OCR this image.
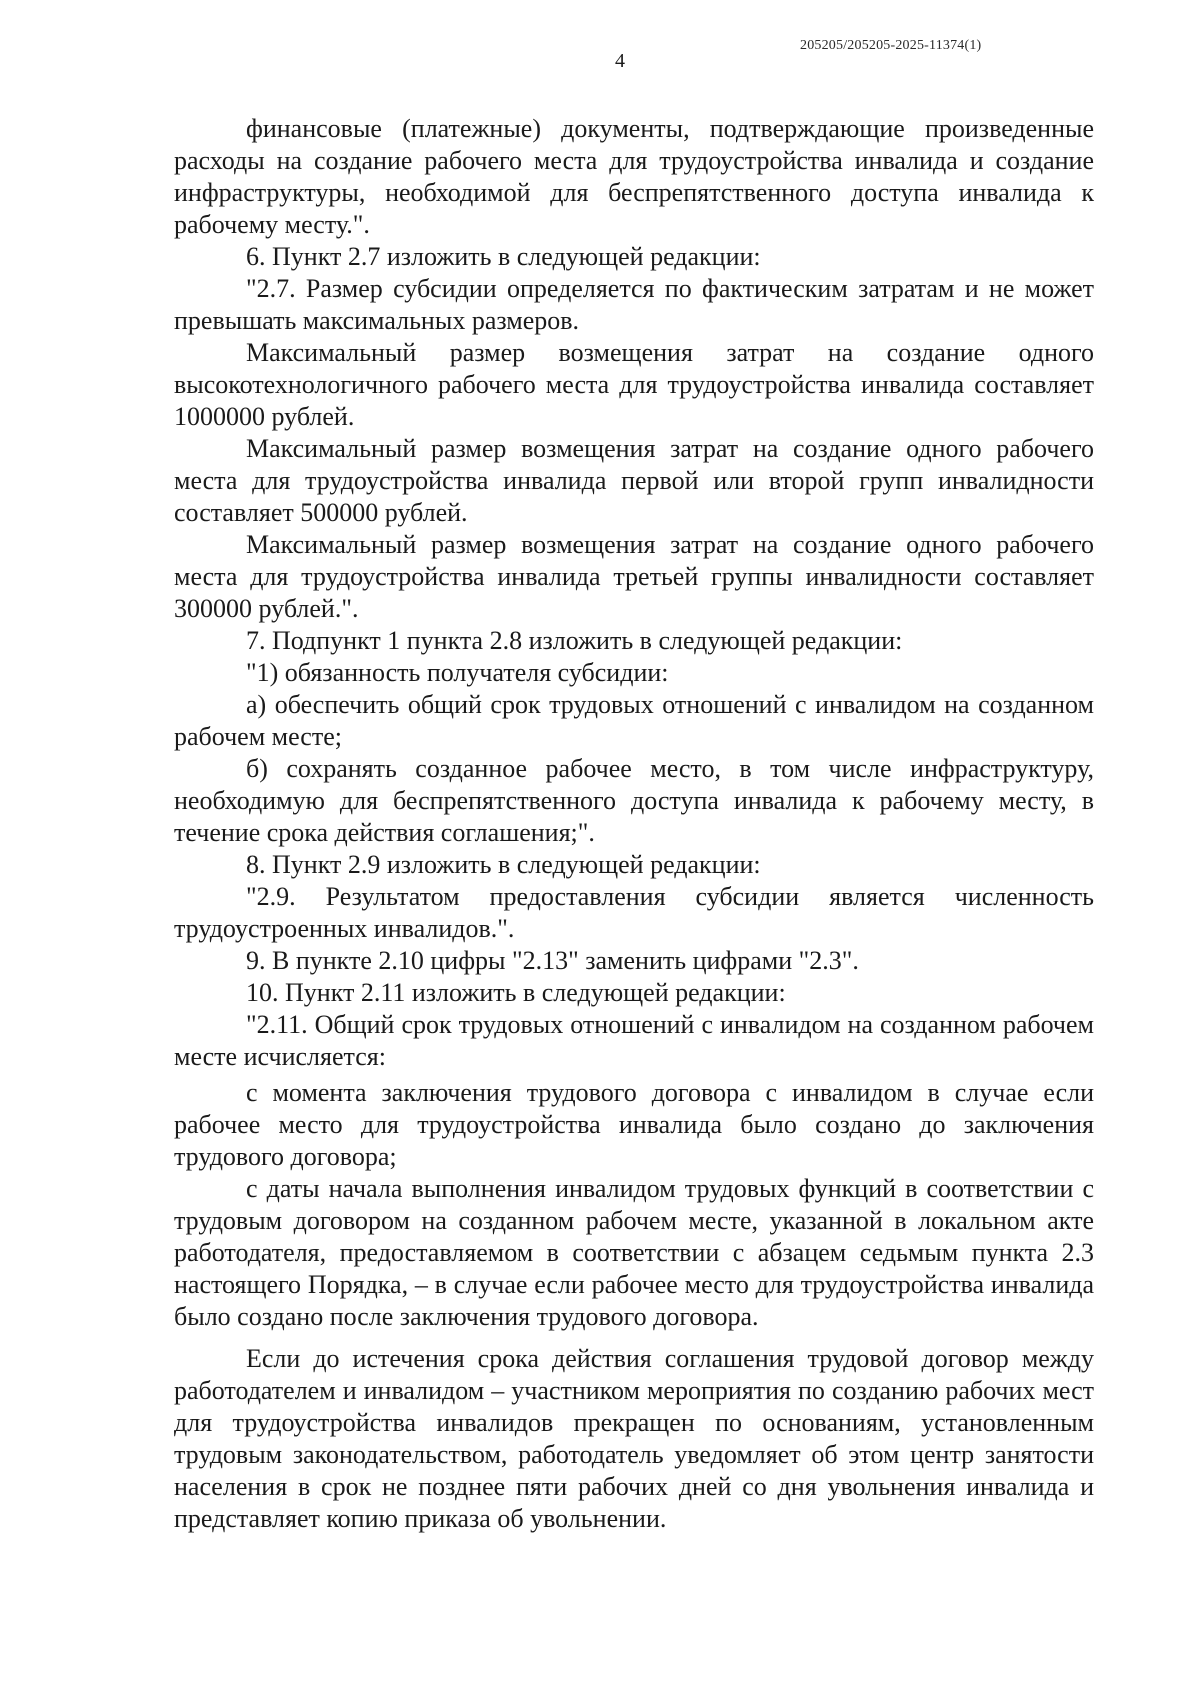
205205/205205-2025-11374(1)
4

финансовые (платежные) документы, подтверждающие произведенные расходы на создание рабочего места для трудоустройства инвалида и создание инфраструктуры, необходимой для беспрепятственного доступа инвалида к рабочему месту.".

6. Пункт 2.7 изложить в следующей редакции:

"2.7. Размер субсидии определяется по фактическим затратам и не может превышать максимальных размеров.

Максимальный размер возмещения затрат на создание одного высокотехнологичного рабочего места для трудоустройства инвалида составляет 1000000 рублей.

Максимальный размер возмещения затрат на создание одного рабочего места для трудоустройства инвалида первой или второй групп инвалидности составляет 500000 рублей.

Максимальный размер возмещения затрат на создание одного рабочего места для трудоустройства инвалида третьей группы инвалидности составляет 300000 рублей.".

7. Подпункт 1 пункта 2.8 изложить в следующей редакции:

"1) обязанность получателя субсидии:

а) обеспечить общий срок трудовых отношений с инвалидом на созданном рабочем месте;

б) сохранять созданное рабочее место, в том числе инфраструктуру, необходимую для беспрепятственного доступа инвалида к рабочему месту, в течение срока действия соглашения;".

8. Пункт 2.9 изложить в следующей редакции:

"2.9. Результатом предоставления субсидии является численность трудоустроенных инвалидов.".

9. В пункте 2.10 цифры "2.13" заменить цифрами "2.3".

10. Пункт 2.11 изложить в следующей редакции:

"2.11. Общий срок трудовых отношений с инвалидом на созданном рабочем месте исчисляется:

с момента заключения трудового договора с инвалидом в случае если рабочее место для трудоустройства инвалида было создано до заключения трудового договора;

с даты начала выполнения инвалидом трудовых функций в соответствии с трудовым договором на созданном рабочем месте, указанной в локальном акте работодателя, предоставляемом в соответствии с абзацем седьмым пункта 2.3 настоящего Порядка, – в случае если рабочее место для трудоустройства инвалида было создано после заключения трудового договора.

Если до истечения срока действия соглашения трудовой договор между работодателем и инвалидом – участником мероприятия по созданию рабочих мест для трудоустройства инвалидов прекращен по основаниям, установленным трудовым законодательством, работодатель уведомляет об этом центр занятости населения в срок не позднее пяти рабочих дней со дня увольнения инвалида и представляет копию приказа об увольнении.
